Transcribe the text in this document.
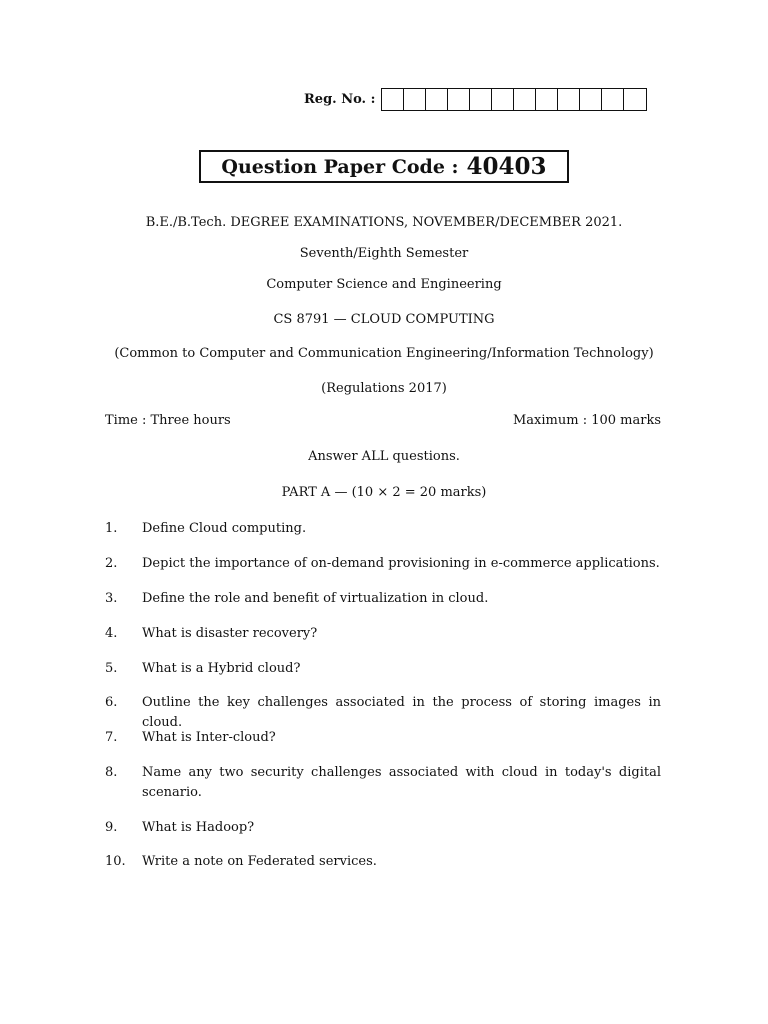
Reg. No. :
Question Paper Code : 40403
B.E./B.Tech. DEGREE EXAMINATIONS, NOVEMBER/DECEMBER 2021.
Seventh/Eighth Semester
Computer Science and Engineering
CS 8791 — CLOUD COMPUTING
(Common to Computer and Communication Engineering/Information Technology)
(Regulations 2017)
Time : Three hours	Maximum : 100 marks
Answer ALL questions.
PART A — (10 × 2 = 20 marks)
1.	Define Cloud computing.
2.	Depict the importance of on-demand provisioning in e-commerce applications.
3.	Define the role and benefit of virtualization in cloud.
4.	What is disaster recovery?
5.	What is a Hybrid cloud?
6.	Outline the key challenges associated in the process of storing images in cloud.
7.	What is Inter-cloud?
8.	Name any two security challenges associated with cloud in today's digital scenario.
9.	What is Hadoop?
10.	Write a note on Federated services.
